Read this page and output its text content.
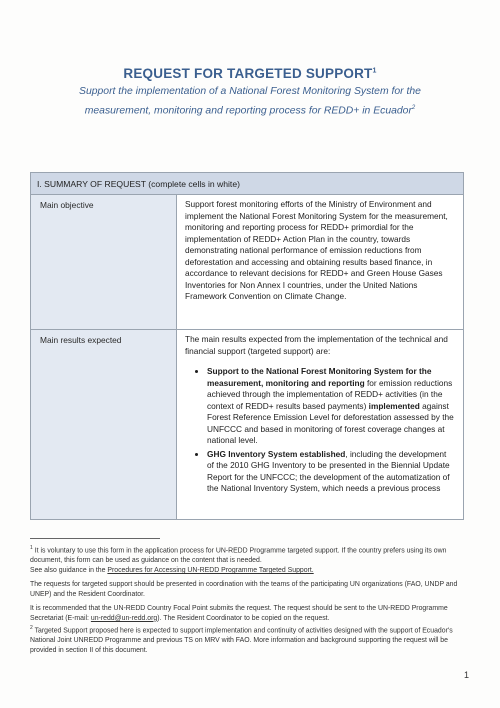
REQUEST FOR TARGETED SUPPORT$^1$
Support the implementation of a National Forest Monitoring System for the measurement, monitoring and reporting process for REDD+ in Ecuador$^2$
I. SUMMARY OF REQUEST (complete cells in white)
Main objective	Support forest monitoring efforts of the Ministry of Environment and implement the National Forest Monitoring System for the measurement, monitoring and reporting process for REDD+ primordial for the implementation of REDD+ Action Plan in the country, towards demonstrating national performance of emission reductions from deforestation and accessing and obtaining results based finance, in accordance to relevant decisions for REDD+ and Green House Gases Inventories for Non Annex I countries, under the United Nations Framework Convention on Climate Change.
Main results expected	The main results expected from the implementation of the technical and financial support (targeted support) are:
• Support to the National Forest Monitoring System for the measurement, monitoring and reporting for emission reductions achieved through the implementation of REDD+ activities (in the context of REDD+ results based payments) implemented against Forest Reference Emission Level for deforestation assessed by the UNFCCC and based in monitoring of forest coverage changes at national level.
• GHG Inventory System established, including the development of the 2010 GHG Inventory to be presented in the Biennial Update Report for the UNFCCC; the development of the automatization of the National Inventory System, which needs a previous process

$^1$ It is voluntary to use this form in the application process for UN-REDD Programme targeted support. If the country prefers using its own document, this form can be used as guidance on the content that is needed.
See also guidance in the Procedures for Accessing UN-REDD Programme Targeted Support.

The requests for targeted support should be presented in coordination with the teams of the participating UN organizations (FAO, UNDP and UNEP) and the Resident Coordinator.

It is recommended that the UN-REDD Country Focal Point submits the request. The request should be sent to the UN-REDD Programme Secretariat (E-mail: un-redd@un-redd.org). The Resident Coordinator to be copied on the request.
$^2$ Targeted Support proposed here is expected to support implementation and continuity of activities designed with the support of Ecuador's National Joint UNREDD Programme and previous TS on MRV with FAO. More information and background supporting the request will be provided in section II of this document.

1
